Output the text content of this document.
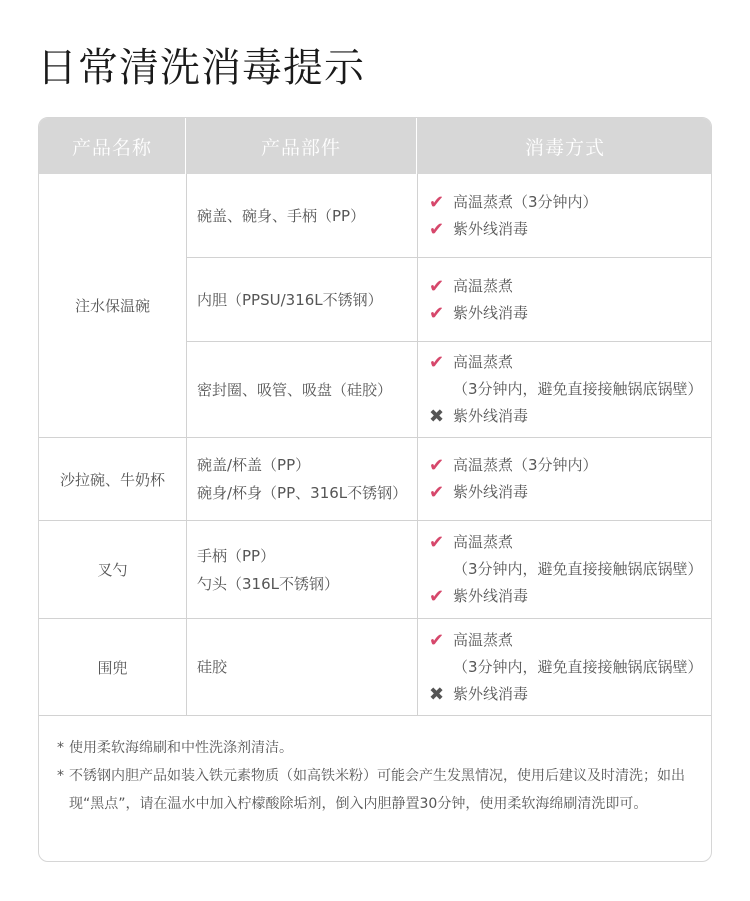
日常清洗消毒提示
产品名称	产品部件	消毒方式
注水保温碗
沙拉碗、牛奶杯
叉勺
围兜
碗盖、碗身、手柄（PP）
内胆（PPSU/316L不锈钢）
密封圈、吸管、吸盘（硅胶）
碗盖/杯盖（PP）
碗身/杯身（PP、316L不锈钢）
手柄（PP）
勺头（316L不锈钢）
硅胶
✔ 高温蒸煮（3分钟内）
✔ 紫外线消毒
✔ 高温蒸煮
✔ 紫外线消毒
✔ 高温蒸煮
（3分钟内，避免直接接触锅底锅壁）
✖ 紫外线消毒
✔ 高温蒸煮（3分钟内）
✔ 紫外线消毒
✔ 高温蒸煮
（3分钟内，避免直接接触锅底锅壁）
✔ 紫外线消毒
✔ 高温蒸煮
（3分钟内，避免直接接触锅底锅壁）
✖ 紫外线消毒
* 使用柔软海绵刷和中性洗涤剂清洁。
* 不锈钢内胆产品如装入铁元素物质（如高铁米粉）可能会产生发黑情况，使用后建议及时清洗；如出现“黑点”，请在温水中加入柠檬酸除垢剂，倒入内胆静置30分钟，使用柔软海绵刷清洗即可。
